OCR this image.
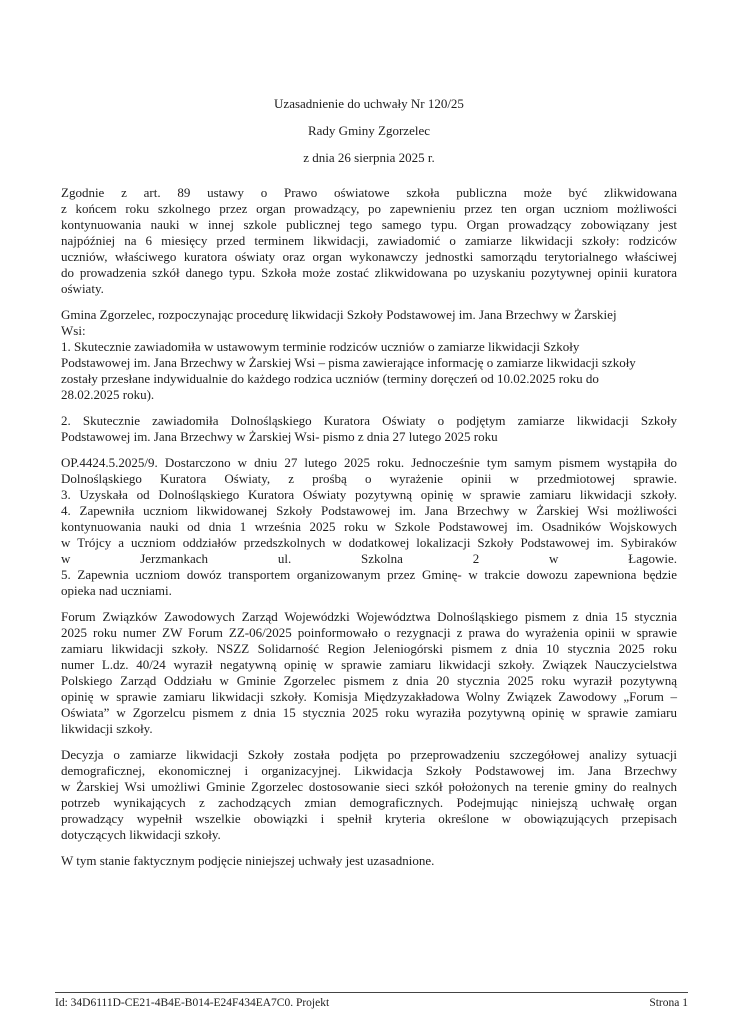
Uzasadnienie do uchwały Nr 120/25
Rady Gminy Zgorzelec
z dnia 26 sierpnia 2025 r.

Zgodnie z art. 89 ustawy o Prawo oświatowe szkoła publiczna może być zlikwidowana
z końcem roku szkolnego przez organ prowadzący, po zapewnieniu przez ten organ uczniom możliwości
kontynuowania nauki w innej szkole publicznej tego samego typu. Organ prowadzący zobowiązany jest
najpóźniej na 6 miesięcy przed terminem likwidacji, zawiadomić o zamiarze likwidacji szkoły: rodziców
uczniów, właściwego kuratora oświaty oraz organ wykonawczy jednostki samorządu terytorialnego właściwej
do prowadzenia szkół danego typu. Szkoła może zostać zlikwidowana po uzyskaniu pozytywnej opinii kuratora
oświaty.

Gmina Zgorzelec, rozpoczynając procedurę likwidacji Szkoły Podstawowej im. Jana Brzechwy w Żarskiej
Wsi:
1. Skutecznie zawiadomiła w ustawowym terminie rodziców uczniów o zamiarze likwidacji Szkoły
Podstawowej im. Jana Brzechwy w Żarskiej Wsi – pisma zawierające informację o zamiarze likwidacji szkoły
zostały przesłane indywidualnie do każdego rodzica uczniów (terminy doręczeń od 10.02.2025 roku do
28.02.2025 roku).

2. Skutecznie zawiadomiła Dolnośląskiego Kuratora Oświaty o podjętym zamiarze likwidacji Szkoły
Podstawowej im. Jana Brzechwy w Żarskiej Wsi- pismo z dnia 27 lutego 2025 roku

OP.4424.5.2025/9. Dostarczono w dniu 27 lutego 2025 roku. Jednocześnie tym samym pismem wystąpiła do
Dolnośląskiego Kuratora Oświaty, z prośbą o wyrażenie opinii w przedmiotowej sprawie.
3. Uzyskała od Dolnośląskiego Kuratora Oświaty pozytywną opinię w sprawie zamiaru likwidacji szkoły.
4. Zapewniła uczniom likwidowanej Szkoły Podstawowej im. Jana Brzechwy w Żarskiej Wsi możliwości
kontynuowania nauki od dnia 1 września 2025 roku w Szkole Podstawowej im. Osadników Wojskowych
w Trójcy a uczniom oddziałów przedszkolnych w dodatkowej lokalizacji Szkoły Podstawowej im. Sybiraków
w Jerzmankach ul. Szkolna 2 w Łagowie.
5. Zapewnia uczniom dowóz transportem organizowanym przez Gminę- w trakcie dowozu zapewniona będzie
opieka nad uczniami.

Forum Związków Zawodowych Zarząd Wojewódzki Województwa Dolnośląskiego pismem z dnia 15 stycznia
2025 roku numer ZW Forum ZZ-06/2025 poinformowało o rezygnacji z prawa do wyrażenia opinii w sprawie
zamiaru likwidacji szkoły. NSZZ Solidarność Region Jeleniogórski pismem z dnia 10 stycznia 2025 roku
numer L.dz. 40/24 wyraził negatywną opinię w sprawie zamiaru likwidacji szkoły. Związek Nauczycielstwa
Polskiego Zarząd Oddziału w Gminie Zgorzelec pismem z dnia 20 stycznia 2025 roku wyraził pozytywną
opinię w sprawie zamiaru likwidacji szkoły. Komisja Międzyzakładowa Wolny Związek Zawodowy „Forum –
Oświata” w Zgorzelcu pismem z dnia 15 stycznia 2025 roku wyraziła pozytywną opinię w sprawie zamiaru
likwidacji szkoły.

Decyzja o zamiarze likwidacji Szkoły została podjęta po przeprowadzeniu szczegółowej analizy sytuacji
demograficznej, ekonomicznej i organizacyjnej. Likwidacja Szkoły Podstawowej im. Jana Brzechwy
w Żarskiej Wsi umożliwi Gminie Zgorzelec dostosowanie sieci szkół położonych na terenie gminy do realnych
potrzeb wynikających z zachodzących zmian demograficznych. Podejmując niniejszą uchwałę organ
prowadzący wypełnił wszelkie obowiązki i spełnił kryteria określone w obowiązujących przepisach
dotyczących likwidacji szkoły.

W tym stanie faktycznym podjęcie niniejszej uchwały jest uzasadnione.

Id: 34D6111D-CE21-4B4E-B014-E24F434EA7C0. Projekt	Strona 1
